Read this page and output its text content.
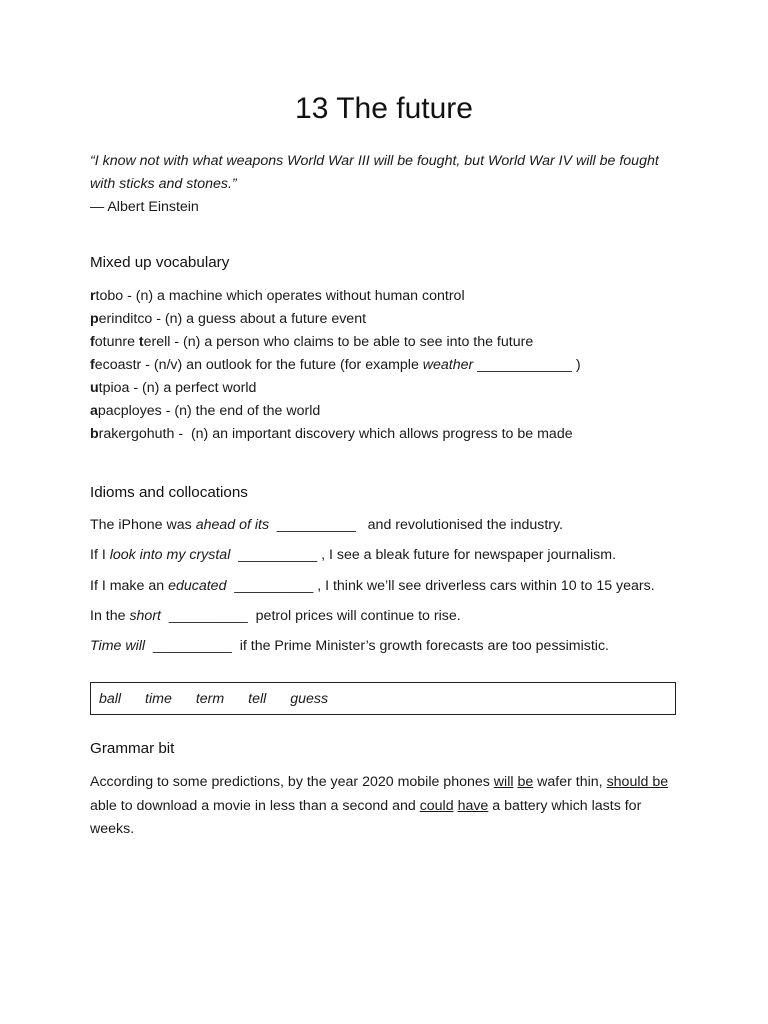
13 The future
“I know not with what weapons World War III will be fought, but World War IV will be fought with sticks and stones.”
— Albert Einstein
Mixed up vocabulary
rtobo - (n) a machine which operates without human control
perinditco - (n) a guess about a future event
fotunre terell - (n) a person who claims to be able to see into the future
fecoastr - (n/v) an outlook for the future (for example weather ____________ )
utpioa - (n) a perfect world
apacployes - (n) the end of the world
brakergohuth -  (n) an important discovery which allows progress to be made
Idioms and collocations
The iPhone was ahead of its  __________   and revolutionised the industry.
If I look into my crystal  __________ , I see a bleak future for newspaper journalism.
If I make an educated  __________ , I think we’ll see driverless cars within 10 to 15 years.
In the short  __________  petrol prices will continue to rise.
Time will  __________  if the Prime Minister’s growth forecasts are too pessimistic.
ball time term tell guess
Grammar bit
According to some predictions, by the year 2020 mobile phones will be wafer thin, should be able to download a movie in less than a second and could have a battery which lasts for weeks.
